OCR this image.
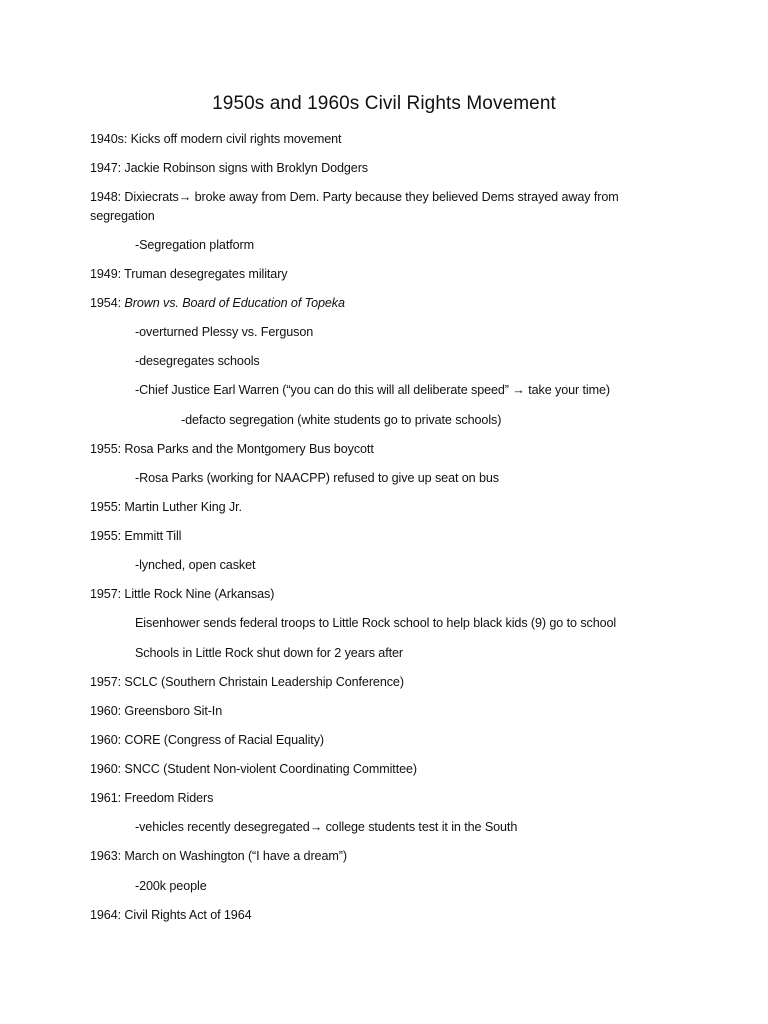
1950s and 1960s Civil Rights Movement
1940s: Kicks off modern civil rights movement
1947: Jackie Robinson signs with Broklyn Dodgers
1948: Dixiecrats→ broke away from Dem. Party because they believed Dems strayed away from segregation
-Segregation platform
1949: Truman desegregates military
1954: Brown vs. Board of Education of Topeka
-overturned Plessy vs. Ferguson
-desegregates schools
-Chief Justice Earl Warren (“you can do this will all deliberate speed” → take your time)
-defacto segregation (white students go to private schools)
1955: Rosa Parks and the Montgomery Bus boycott
-Rosa Parks (working for NAACPP) refused to give up seat on bus
1955: Martin Luther King Jr.
1955: Emmitt Till
-lynched, open casket
1957: Little Rock Nine (Arkansas)
Eisenhower sends federal troops to Little Rock school to help black kids (9) go to school
Schools in Little Rock shut down for 2 years after
1957: SCLC (Southern Christain Leadership Conference)
1960: Greensboro Sit-In
1960: CORE (Congress of Racial Equality)
1960: SNCC (Student Non-violent Coordinating Committee)
1961: Freedom Riders
-vehicles recently desegregated→ college students test it in the South
1963: March on Washington (“I have a dream”)
-200k people
1964: Civil Rights Act of 1964
